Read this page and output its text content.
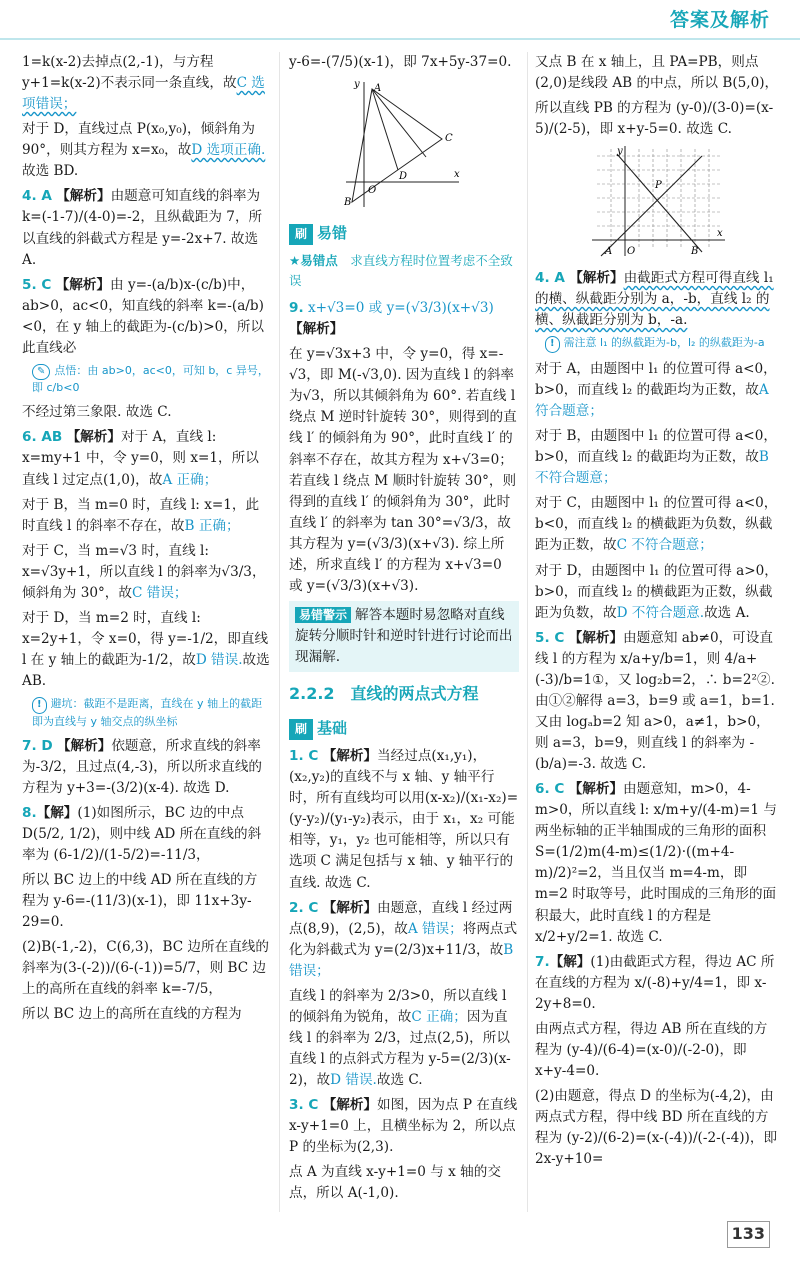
答案及解析

1=k(x-2)去掉点(2,-1)，与方程 y+1=k(x-2)不表示同一条直线，故C 选项错误；

对于 D，直线过点 P(x₀,y₀)，倾斜角为 90°，则其方程为 x=x₀，故D 选项正确.故选 BD.

4. A 【解析】由题意可知直线的斜率为 k=(-1-7)/(4-0)=-2，且纵截距为 7，所以直线的斜截式方程是 y=-2x+7. 故选 A.

5. C 【解析】由 y=-(a/b)x-(c/b)中，ab>0，ac<0，知直线的斜率 k=-(a/b)<0，在 y 轴上的截距为-(c/b)>0，所以此直线必

✎ 点悟：由 ab>0，ac<0，可知 b，c 异号，即 c/b<0

不经过第三象限. 故选 C.

6. AB 【解析】对于 A，直线 l: x=my+1 中，令 y=0，则 x=1，所以直线 l 过定点(1,0)，故A 正确；

对于 B，当 m=0 时，直线 l: x=1，此时直线 l 的斜率不存在，故B 正确；

对于 C，当 m=√3 时，直线 l: x=√3y+1，所以直线 l 的斜率为√3/3，倾斜角为 30°，故C 错误；

对于 D，当 m=2 时，直线 l: x=2y+1，令 x=0，得 y=-1/2，即直线 l 在 y 轴上的截距为-1/2，故D 错误.故选 AB.

! 避坑：截距不是距离，直线在 y 轴上的截距即为直线与 y 轴交点的纵坐标

7. D 【解析】依题意，所求直线的斜率为-3/2，且过点(4,-3)，所以所求直线的方程为 y+3=-(3/2)(x-4). 故选 D.

8.【解】(1)如图所示，BC 边的中点 D(5/2, 1/2)，则中线 AD 所在直线的斜率为 (6-1/2)/(1-5/2)=-11/3，

所以 BC 边上的中线 AD 所在直线的方程为 y-6=-(11/3)(x-1)，即 11x+3y-29=0.

(2)B(-1,-2)，C(6,3)，BC 边所在直线的斜率为(3-(-2))/(6-(-1))=5/7，则 BC 边上的高所在直线的斜率 k=-7/5，

所以 BC 边上的高所在直线的方程为

y-6=-(7/5)(x-1)，即 7x+5y-37=0.

y
x
A
B
C
D
O
刷 易错
★易错点　 求直线方程时位置考虑不全致误

9. x+√3=0 或 y=(√3/3)(x+√3) 【解析】

在 y=√3x+3 中，令 y=0，得 x=-√3，即 M(-√3,0). 因为直线 l 的斜率为√3，所以其倾斜角为 60°. 若直线 l 绕点 M 逆时针旋转 30°，则得到的直线 l′ 的倾斜角为 90°，此时直线 l′ 的斜率不存在，故其方程为 x+√3=0；若直线 l 绕点 M 顺时针旋转 30°，则得到的直线 l′ 的倾斜角为 30°，此时直线 l′ 的斜率为 tan 30°=√3/3，故其方程为 y=(√3/3)(x+√3). 综上所述，所求直线 l′ 的方程为 x+√3=0 或 y=(√3/3)(x+√3).

易错警示 解答本题时易忽略对直线旋转分顺时针和逆时针进行讨论而出现漏解.
2.2.2　直线的两点式方程
刷 基础

1. C 【解析】当经过点(x₁,y₁)，(x₂,y₂)的直线不与 x 轴、y 轴平行时，所有直线均可以用(x-x₂)/(x₁-x₂)=(y-y₂)/(y₁-y₂)表示，由于 x₁，x₂ 可能相等，y₁，y₂ 也可能相等，所以只有选项 C 满足包括与 x 轴、y 轴平行的直线. 故选 C.

2. C 【解析】由题意，直线 l 经过两点(8,9)，(2,5)，故A 错误；将两点式化为斜截式为 y=(2/3)x+11/3，故B 错误；

直线 l 的斜率为 2/3>0，所以直线 l 的倾斜角为锐角，故C 正确；因为直线 l 的斜率为 2/3，过点(2,5)，所以直线 l 的点斜式方程为 y-5=(2/3)(x-2)，故D 错误.故选 C.

3. C 【解析】如图，因为点 P 在直线 x-y+1=0 上，且横坐标为 2，所以点 P 的坐标为(2,3).

点 A 为直线 x-y+1=0 与 x 轴的交点，所以 A(-1,0).

又点 B 在 x 轴上，且 PA=PB，则点(2,0)是线段 AB 的中点，所以 B(5,0)，

所以直线 PB 的方程为 (y-0)/(3-0)=(x-5)/(2-5)，即 x+y-5=0. 故选 C.

y
x
A O	B
P

4. A 【解析】由截距式方程可得直线 l₁ 的横、纵截距分别为 a，-b，直线 l₂ 的横、纵截距分别为 b，-a.

! 需注意 l₁ 的纵截距为-b，l₂ 的纵截距为-a

对于 A，由题图中 l₁ 的位置可得 a<0，b>0，而直线 l₂ 的截距均为正数，故A 符合题意；

对于 B，由题图中 l₁ 的位置可得 a<0，b>0，而直线 l₂ 的截距均为正数，故B 不符合题意；

对于 C，由题图中 l₁ 的位置可得 a<0，b<0，而直线 l₂ 的横截距为负数，纵截距为正数，故C 不符合题意；

对于 D，由题图中 l₁ 的位置可得 a>0，b>0，而直线 l₂ 的横截距为正数，纵截距为负数，故D 不符合题意.故选 A.

5. C 【解析】由题意知 ab≠0，可设直线 l 的方程为 x/a+y/b=1，则 4/a+(-3)/b=1①，又 log₂b=2，∴ b=2²②. 由①②解得 a=3，b=9 或 a=1，b=1. 又由 logₐb=2 知 a>0，a≠1，b>0，则 a=3，b=9，则直线 l 的斜率为 -(b/a)=-3. 故选 C.

6. C 【解析】由题意知，m>0，4-m>0，所以直线 l: x/m+y/(4-m)=1 与两坐标轴的正半轴围成的三角形的面积 S=(1/2)m(4-m)≤(1/2)·((m+4-m)/2)²=2，当且仅当 m=4-m，即 m=2 时取等号，此时围成的三角形的面积最大，此时直线 l 的方程是 x/2+y/2=1. 故选 C.

7.【解】(1)由截距式方程，得边 AC 所在直线的方程为 x/(-8)+y/4=1，即 x-2y+8=0.

由两点式方程，得边 AB 所在直线的方程为 (y-4)/(6-4)=(x-0)/(-2-0)，即 x+y-4=0.

(2)由题意，得点 D 的坐标为(-4,2)，由两点式方程，得中线 BD 所在直线的方程为 (y-2)/(6-2)=(x-(-4))/(-2-(-4))，即 2x-y+10=

133
